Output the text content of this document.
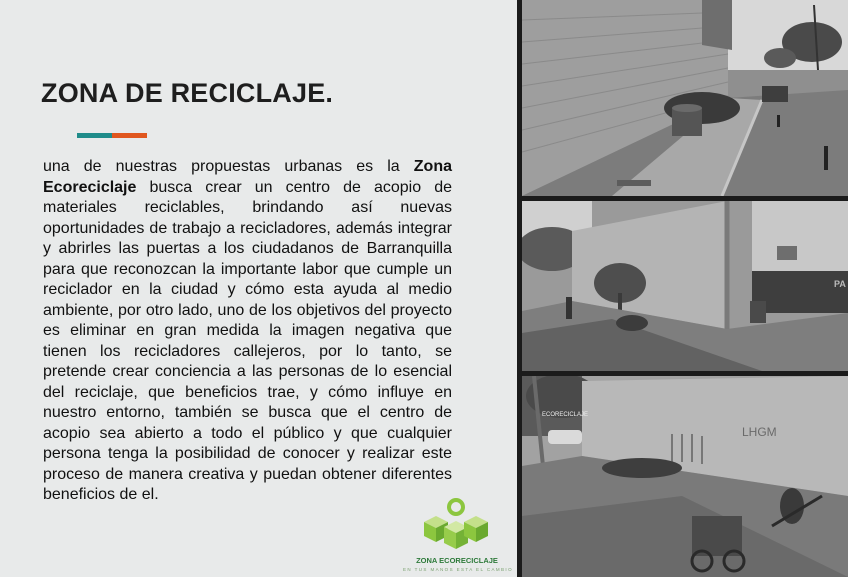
ZONA DE RECICLAJE.

una de nuestras propuestas urbanas es la Zona Ecoreciclaje busca crear un centro de acopio de materiales reciclables, brindando así nuevas oportunidades de trabajo a recicladores, además integrar y abrirles las puertas a los ciudadanos de Barranquilla para que reconozcan la importante labor que cumple un reciclador en la ciudad y cómo esta ayuda al medio ambiente, por otro lado, uno de los objetivos del proyecto es eliminar en gran medida la imagen negativa que tienen los recicladores callejeros, por lo tanto, se pretende crear conciencia a las personas de lo esencial del reciclaje, que beneficios trae, y cómo influye en nuestro entorno, también se busca que el centro de acopio sea abierto a todo el público y que cualquier persona tenga la posibilidad de conocer y realizar este proceso de manera creativa y puedan obtener diferentes beneficios de el.

ZONA ECORECICLAJE
EN TUS MANOS ESTA EL CAMBIO
PA
ECORECICLAJE
LHGM
